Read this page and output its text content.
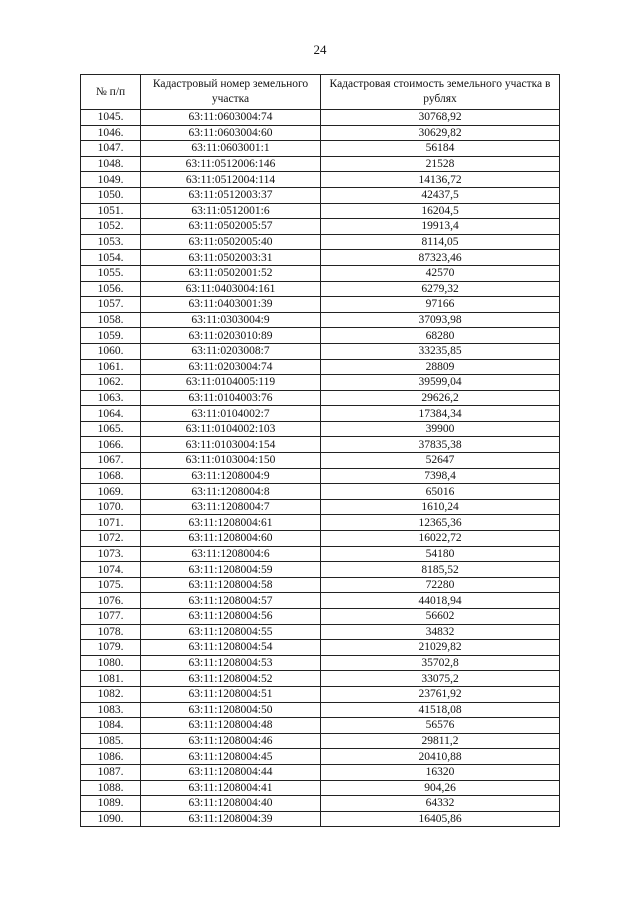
24
№ п/п	Кадастровый номер земельного участка	Кадастровая стоимость земельного участка в рублях
1045.	63:11:0603004:74	30768,92
1046.	63:11:0603004:60	30629,82
1047.	63:11:0603001:1	56184
1048.	63:11:0512006:146	21528
1049.	63:11:0512004:114	14136,72
1050.	63:11:0512003:37	42437,5
1051.	63:11:0512001:6	16204,5
1052.	63:11:0502005:57	19913,4
1053.	63:11:0502005:40	8114,05
1054.	63:11:0502003:31	87323,46
1055.	63:11:0502001:52	42570
1056.	63:11:0403004:161	6279,32
1057.	63:11:0403001:39	97166
1058.	63:11:0303004:9	37093,98
1059.	63:11:0203010:89	68280
1060.	63:11:0203008:7	33235,85
1061.	63:11:0203004:74	28809
1062.	63:11:0104005:119	39599,04
1063.	63:11:0104003:76	29626,2
1064.	63:11:0104002:7	17384,34
1065.	63:11:0104002:103	39900
1066.	63:11:0103004:154	37835,38
1067.	63:11:0103004:150	52647
1068.	63:11:1208004:9	7398,4
1069.	63:11:1208004:8	65016
1070.	63:11:1208004:7	1610,24
1071.	63:11:1208004:61	12365,36
1072.	63:11:1208004:60	16022,72
1073.	63:11:1208004:6	54180
1074.	63:11:1208004:59	8185,52
1075.	63:11:1208004:58	72280
1076.	63:11:1208004:57	44018,94
1077.	63:11:1208004:56	56602
1078.	63:11:1208004:55	34832
1079.	63:11:1208004:54	21029,82
1080.	63:11:1208004:53	35702,8
1081.	63:11:1208004:52	33075,2
1082.	63:11:1208004:51	23761,92
1083.	63:11:1208004:50	41518,08
1084.	63:11:1208004:48	56576
1085.	63:11:1208004:46	29811,2
1086.	63:11:1208004:45	20410,88
1087.	63:11:1208004:44	16320
1088.	63:11:1208004:41	904,26
1089.	63:11:1208004:40	64332
1090.	63:11:1208004:39	16405,86
